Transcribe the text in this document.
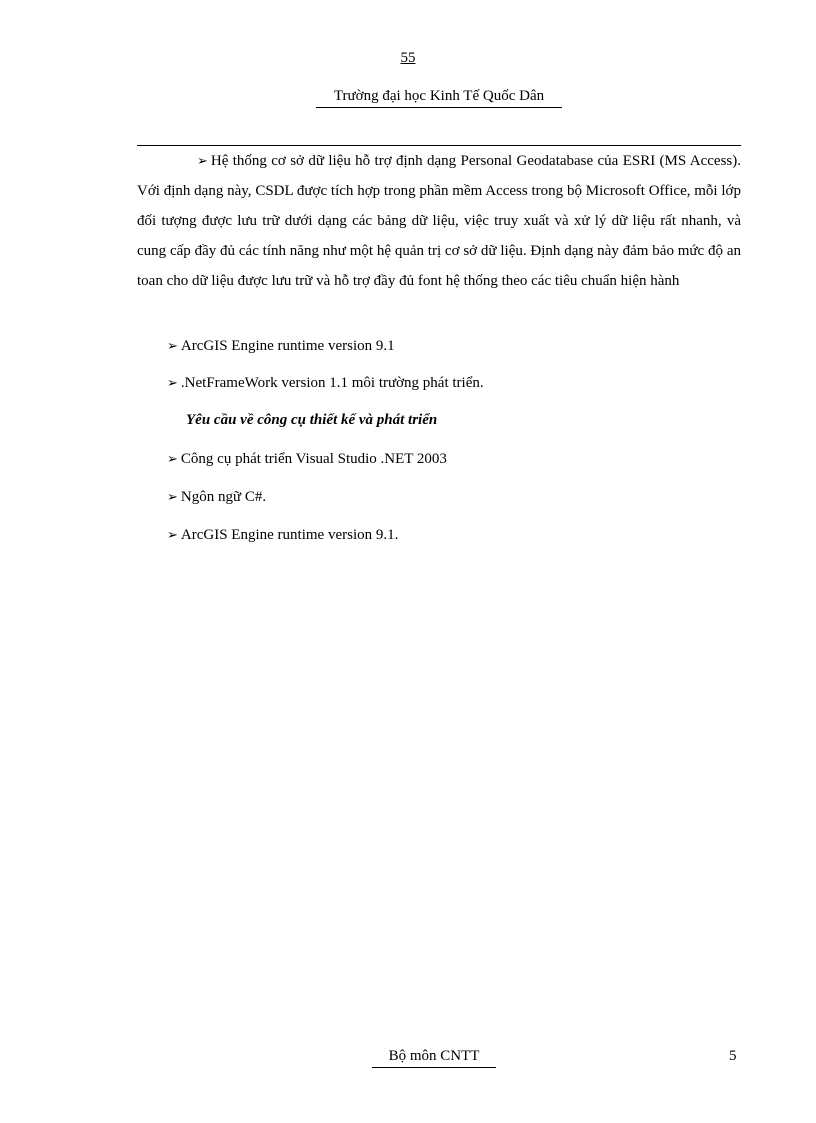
55
Trường đại học Kinh Tế Quốc Dân

➢ Hệ thống cơ sở dữ liệu hỗ trợ định dạng Personal Geodatabase của ESRI (MS Access). Với định dạng này, CSDL được tích hợp trong phần mềm Access trong bộ Microsoft Office, mỗi lớp đối tượng được lưu trữ dưới dạng các bảng dữ liệu, việc truy xuất và xử lý dữ liệu rất nhanh, và cung cấp đầy đủ các tính năng như một hệ quản trị cơ sở dữ liệu. Định dạng này đảm bảo mức độ an toan cho dữ liệu được lưu trữ và hỗ trợ đầy đủ font hệ thống theo các tiêu chuẩn hiện hành

➢ ArcGIS Engine runtime version 9.1
➢ .NetFrameWork version 1.1 môi trường phát triển.
Yêu cầu về công cụ thiết kế và phát triển
➢ Công cụ phát triển Visual Studio .NET 2003
➢ Ngôn ngữ C#.
➢ ArcGIS Engine runtime version 9.1.
Bộ môn CNTT	5
